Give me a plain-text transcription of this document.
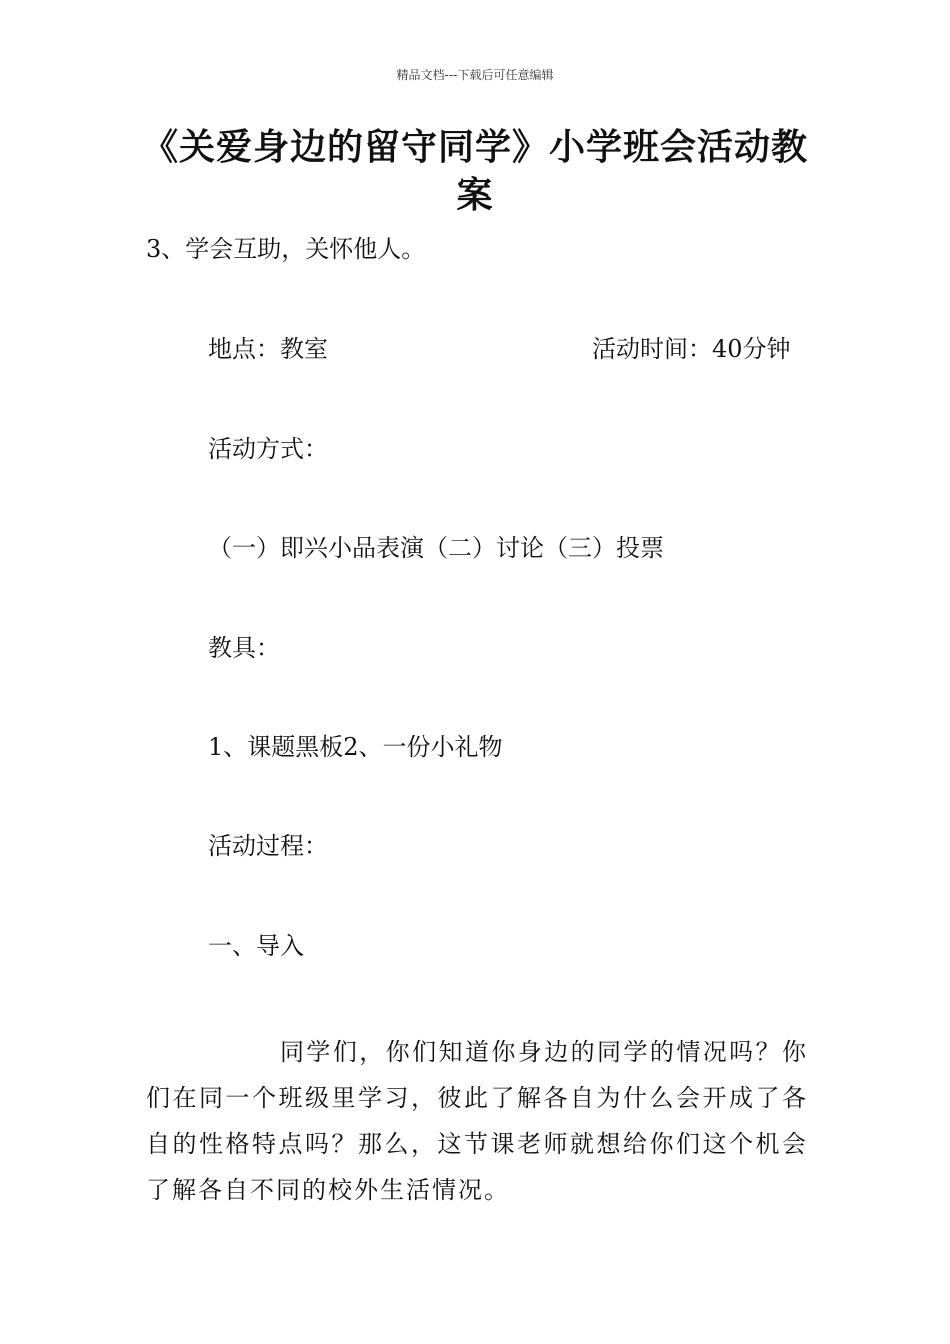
精品文档---下载后可任意编辑
《关爱身边的留守同学》小学班会活动教案
3、学会互助，关怀他人。
地点：教室	活动时间：40分钟
活动方式：
（一）即兴小品表演（二）讨论（三）投票
教具：
1、课题黑板2、一份小礼物
活动过程：
一、导入
同学们，你们知道你身边的同学的情况吗？你们在同一个班级里学习，彼此了解各自为什么会开成了各自的性格特点吗？那么，这节课老师就想给你们这个机会了解各自不同的校外生活情况。
